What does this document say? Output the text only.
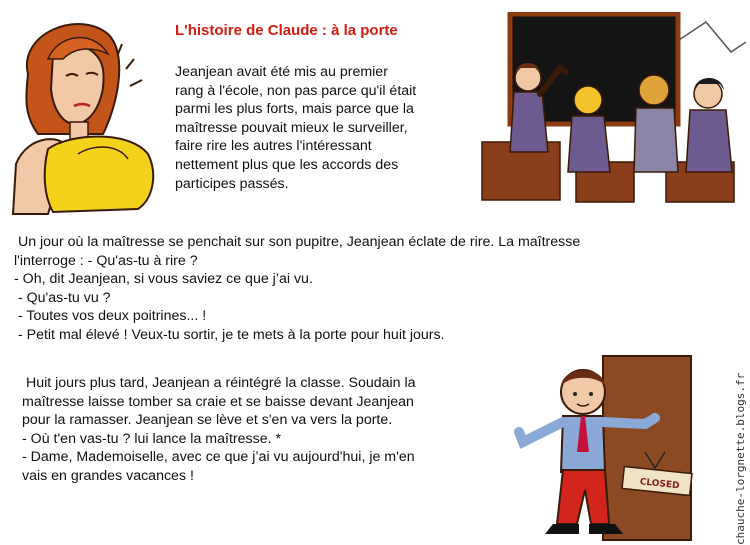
L'histoire de Claude : à la porte
Jeanjean avait été mis au premier
rang à l'école, non pas parce qu'il était
parmi les plus forts, mais parce que la
maîtresse pouvait mieux le surveiller,
faire rire les autres l'intéressant
nettement plus que les accords des
participes passés.
Un jour où la maîtresse se penchait sur son pupitre, Jeanjean éclate de rire. La maîtresse
l'interroge : - Qu'as-tu à rire ?
- Oh, dit Jeanjean, si vous saviez ce que j’ai vu.
- Qu'as-tu vu ?
- Toutes vos deux poitrines... !
- Petit mal élevé ! Veux-tu sortir, je te mets à la porte pour huit jours.
Huit jours plus tard, Jeanjean a réintégré la classe. Soudain la
maîtresse laisse tomber sa craie et se baisse devant Jeanjean
pour la ramasser. Jeanjean se lève et s'en va vers la porte.
- Où t'en vas-tu ? lui lance la maîtresse. *
- Dame, Mademoiselle, avec ce que j’ai vu aujourd'hui, je m'en
vais en grandes vacances !
CLOSED	chauche-lorgnette.blogs.fr
